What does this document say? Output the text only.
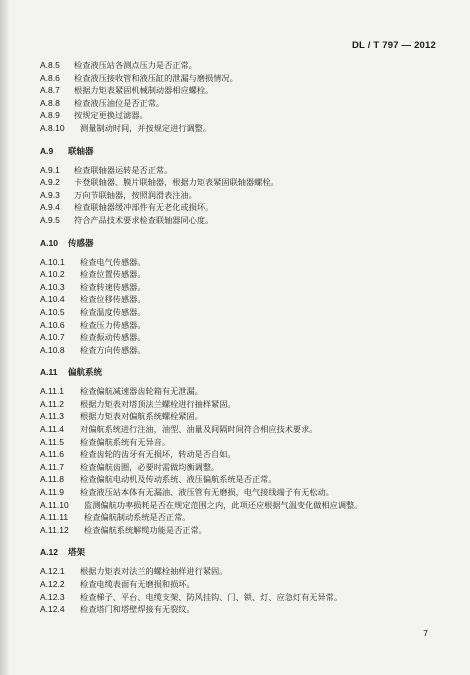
DL / T 797 — 2012
A.8.5 检查液压站各测点压力是否正常。
A.8.6 检查液压接收管和液压缸的泄漏与磨损情况。
A.8.7 根据力矩表紧固机械制动器相应螺栓。
A.8.8 检查液压油位是否正常。
A.8.9 按规定更换过滤器。
A.8.10 测量制动时间，并按规定进行调整。
A.9 联轴器
A.9.1 检查联轴器运转是否正常。
A.9.2 卡登联轴器、膜片联轴器，根据力矩表紧固联轴器螺栓。
A.9.3 万向节联轴器，按照润滑表注油。
A.9.4 检查联轴器缓冲部件有无老化或损坏。
A.9.5 符合产品技术要求检查联轴器同心度。
A.10 传感器
A.10.1 检查电气传感器。
A.10.2 检查位置传感器。
A.10.3 检查转速传感器。
A.10.4 检查位移传感器。
A.10.5 检查温度传感器。
A.10.6 检查压力传感器。
A.10.7 检查振动传感器。
A.10.8 检查方向传感器。
A.11 偏航系统
A.11.1 检查偏航减速器齿轮箱有无泄漏。
A.11.2 根据力矩表对塔顶法兰螺栓进行抽样紧固。
A.11.3 根据力矩表对偏航系统螺栓紧固。
A.11.4 对偏航系统进行注油，油型、油量及间隔时间符合相应技术要求。
A.11.5 检查偏航系统有无异音。
A.11.6 检查齿轮的齿牙有无损坏，转动是否自如。
A.11.7 检查偏航齿圈，必要时需做均衡调整。
A.11.8 检查偏航电动机及传动系统、液压偏航系统是否正常。
A.11.9 检查液压站本体有无漏油、液压管有无磨损，电气接线端子有无松动。
A.11.10 监测偏航功率损耗是否在规定范围之内，此项还应根据气温变化做相应调整。
A.11.11 检查偏航制动系统是否正常。
A.11.12 检查偏航系统解缆功能是否正常。
A.12 塔架
A.12.1 根据力矩表对法兰的螺栓抽样进行紧固。
A.12.2 检查电缆表面有无磨损和损坏。
A.12.3 检查梯子、平台、电缆支架、防风挂钩、门、锁、灯、应急灯有无异常。
A.12.4 检查塔门和塔壁焊接有无裂纹。
7
